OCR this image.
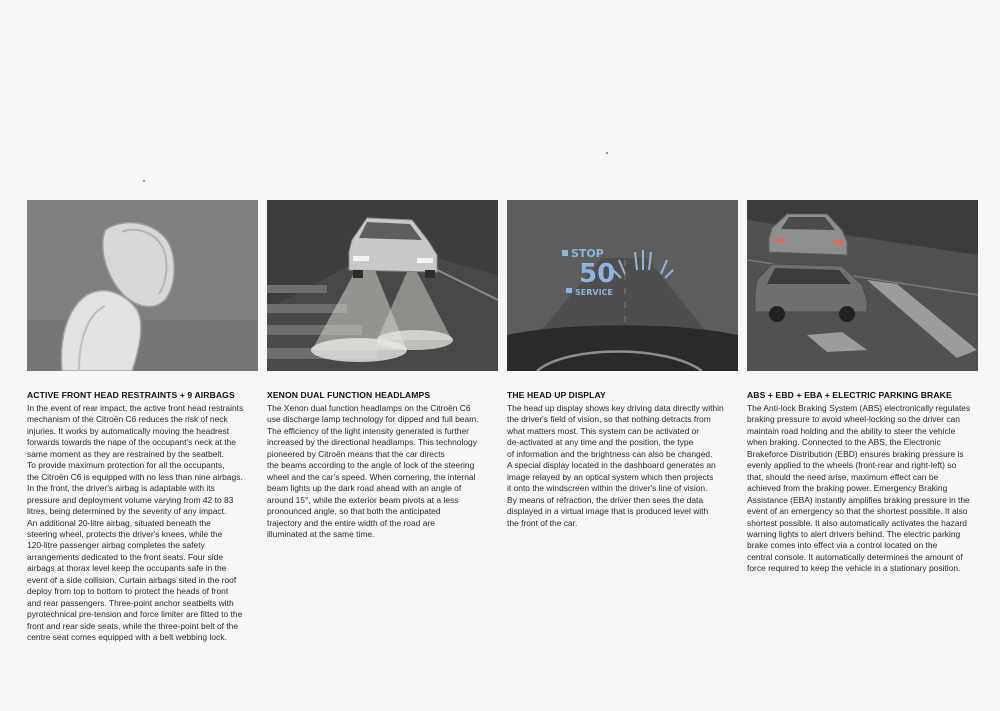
ACTIVE FRONT HEAD RESTRAINTS + 9 AIRBAGS

In the event of rear impact, the active front head restraints
mechanism of the Citroën C6 reduces the risk of neck
injuries. It works by automatically moving the headrest
forwards towards the nape of the occupant's neck at the
same moment as they are restrained by the seatbelt.
To provide maximum protection for all the occupants,
the Citroën C6 is equipped with no less than nine airbags.
In the front, the driver's airbag is adaptable with its
pressure and deployment volume varying from 42 to 83
litres, being determined by the severity of any impact.
An additional 20-litre airbag, situated beneath the
steering wheel, protects the driver's knees, while the
120-litre passenger airbag completes the safety
arrangements dedicated to the front seats. Four side
airbags at thorax level keep the occupants safe in the
event of a side collision. Curtain airbags sited in the roof
deploy from top to bottom to protect the heads of front
and rear passengers. Three-point anchor seatbelts with
pyrotechnical pre-tension and force limiter are fitted to the
front and rear side seats, while the three-point belt of the
centre seat comes equipped with a belt webbing lock.

XENON DUAL FUNCTION HEADLAMPS

The Xenon dual function headlamps on the Citroën C6
use discharge lamp technology for dipped and full beam.
The efficiency of the light intensity generated is further
increased by the directional headlamps. This technology
pioneered by Citroën means that the car directs
the beams according to the angle of lock of the steering
wheel and the car's speed. When cornering, the internal
beam lights up the dark road ahead with an angle of
around 15°, while the exterior beam pivots at a less
pronounced angle, so that both the anticipated
trajectory and the entire width of the road are
illuminated at the same time.

STOP
50
SERVICE
THE HEAD UP DISPLAY

The head up display shows key driving data directly within
the driver's field of vision, so that nothing detracts from
what matters most. This system can be activated or
de-activated at any time and the position, the type
of information and the brightness can also be changed.
A special display located in the dashboard generates an
image relayed by an optical system which then projects
it onto the windscreen within the driver's line of vision.
By means of refraction, the driver then sees the data
displayed in a virtual image that is produced level with
the front of the car.

ABS + EBD + EBA + ELECTRIC PARKING BRAKE

The Anti-lock Braking System (ABS) electronically regulates
braking pressure to avoid wheel-locking so the driver can
maintain road holding and the ability to steer the vehicle
when braking. Connected to the ABS, the Electronic
Brakeforce Distribution (EBD) ensures braking pressure is
evenly applied to the wheels (front-rear and right-left) so
that, should the need arise, maximum effect can be
achieved from the braking power. Emergency Braking
Assistance (EBA) instantly amplifies braking pressure in the
event of an emergency so that the shortest possible. It also
shortest possible. It also automatically activates the hazard
warning lights to alert drivers behind. The electric parking
brake comes into effect via a control located on the
central console. It automatically determines the amount of
force required to keep the vehicle in a stationary position.
